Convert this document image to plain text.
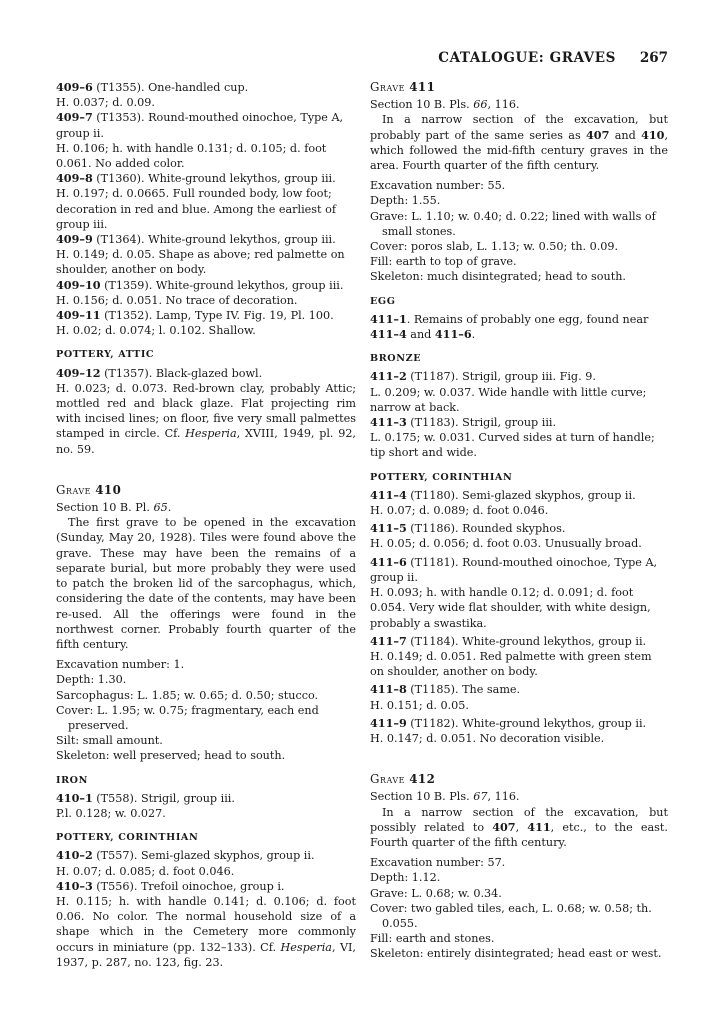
CATALOGUE: GRAVES 267
409–6 (T1355). One-handled cup.
H. 0.037; d. 0.09.
409–7 (T1353). Round-mouthed oinochoe, Type A, group ii.
H. 0.106; h. with handle 0.131; d. 0.105; d. foot 0.061. No added color.
409–8 (T1360). White-ground lekythos, group iii.
H. 0.197; d. 0.0665. Full rounded body, low foot; decoration in red and blue. Among the earliest of group iii.
409–9 (T1364). White-ground lekythos, group iii.
H. 0.149; d. 0.05. Shape as above; red palmette on shoulder, another on body.
409–10 (T1359). White-ground lekythos, group iii.
H. 0.156; d. 0.051. No trace of decoration.
409–11 (T1352). Lamp, Type IV. Fig. 19, Pl. 100.
H. 0.02; d. 0.074; l. 0.102. Shallow.
POTTERY, ATTIC
409–12 (T1357). Black-glazed bowl.
H. 0.023; d. 0.073. Red-brown clay, probably Attic; mottled red and black glaze. Flat projecting rim with incised lines; on floor, five very small palmettes stamped in circle. Cf. Hesperia, XVIII, 1949, pl. 92, no. 59.
Grave 410
Section 10 B. Pl. 65.
The first grave to be opened in the excavation (Sunday, May 20, 1928). Tiles were found above the grave. These may have been the remains of a separate burial, but more probably they were used to patch the broken lid of the sarcophagus, which, considering the date of the contents, may have been re-used. All the offerings were found in the northwest corner. Probably fourth quarter of the fifth century.
Excavation number: 1.
Depth: 1.30.
Sarcophagus: L. 1.85; w. 0.65; d. 0.50; stucco.
Cover: L. 1.95; w. 0.75; fragmentary, each end preserved.
Silt: small amount.
Skeleton: well preserved; head to south.
IRON
410–1 (T558). Strigil, group iii.
P.l. 0.128; w. 0.027.
POTTERY, CORINTHIAN
410–2 (T557). Semi-glazed skyphos, group ii.
H. 0.07; d. 0.085; d. foot 0.046.
410–3 (T556). Trefoil oinochoe, group i.
H. 0.115; h. with handle 0.141; d. 0.106; d. foot 0.06. No color. The normal household size of a shape which in the Cemetery more commonly occurs in miniature (pp. 132–133). Cf. Hesperia, VI, 1937, p. 287, no. 123, fig. 23.
Grave 411
Section 10 B. Pls. 66, 116.
In a narrow section of the excavation, but probably part of the same series as 407 and 410, which followed the mid-fifth century graves in the area. Fourth quarter of the fifth century.
Excavation number: 55.
Depth: 1.55.
Grave: L. 1.10; w. 0.40; d. 0.22; lined with walls of small stones.
Cover: poros slab, L. 1.13; w. 0.50; th. 0.09.
Fill: earth to top of grave.
Skeleton: much disintegrated; head to south.
EGG
411–1. Remains of probably one egg, found near 411–4 and 411–6.
BRONZE
411–2 (T1187). Strigil, group iii. Fig. 9.
L. 0.209; w. 0.037. Wide handle with little curve; narrow at back.
411–3 (T1183). Strigil, group iii.
L. 0.175; w. 0.031. Curved sides at turn of handle; tip short and wide.
POTTERY, CORINTHIAN
411–4 (T1180). Semi-glazed skyphos, group ii.
H. 0.07; d. 0.089; d. foot 0.046.
411–5 (T1186). Rounded skyphos.
H. 0.05; d. 0.056; d. foot 0.03. Unusually broad.
411–6 (T1181). Round-mouthed oinochoe, Type A, group ii.
H. 0.093; h. with handle 0.12; d. 0.091; d. foot 0.054. Very wide flat shoulder, with white design, probably a swastika.
411–7 (T1184). White-ground lekythos, group ii.
H. 0.149; d. 0.051. Red palmette with green stem on shoulder, another on body.
411–8 (T1185). The same.
H. 0.151; d. 0.05.
411–9 (T1182). White-ground lekythos, group ii.
H. 0.147; d. 0.051. No decoration visible.
Grave 412
Section 10 B. Pls. 67, 116.
In a narrow section of the excavation, but possibly related to 407, 411, etc., to the east. Fourth quarter of the fifth century.
Excavation number: 57.
Depth: 1.12.
Grave: L. 0.68; w. 0.34.
Cover: two gabled tiles, each, L. 0.68; w. 0.58; th. 0.055.
Fill: earth and stones.
Skeleton: entirely disintegrated; head east or west.
